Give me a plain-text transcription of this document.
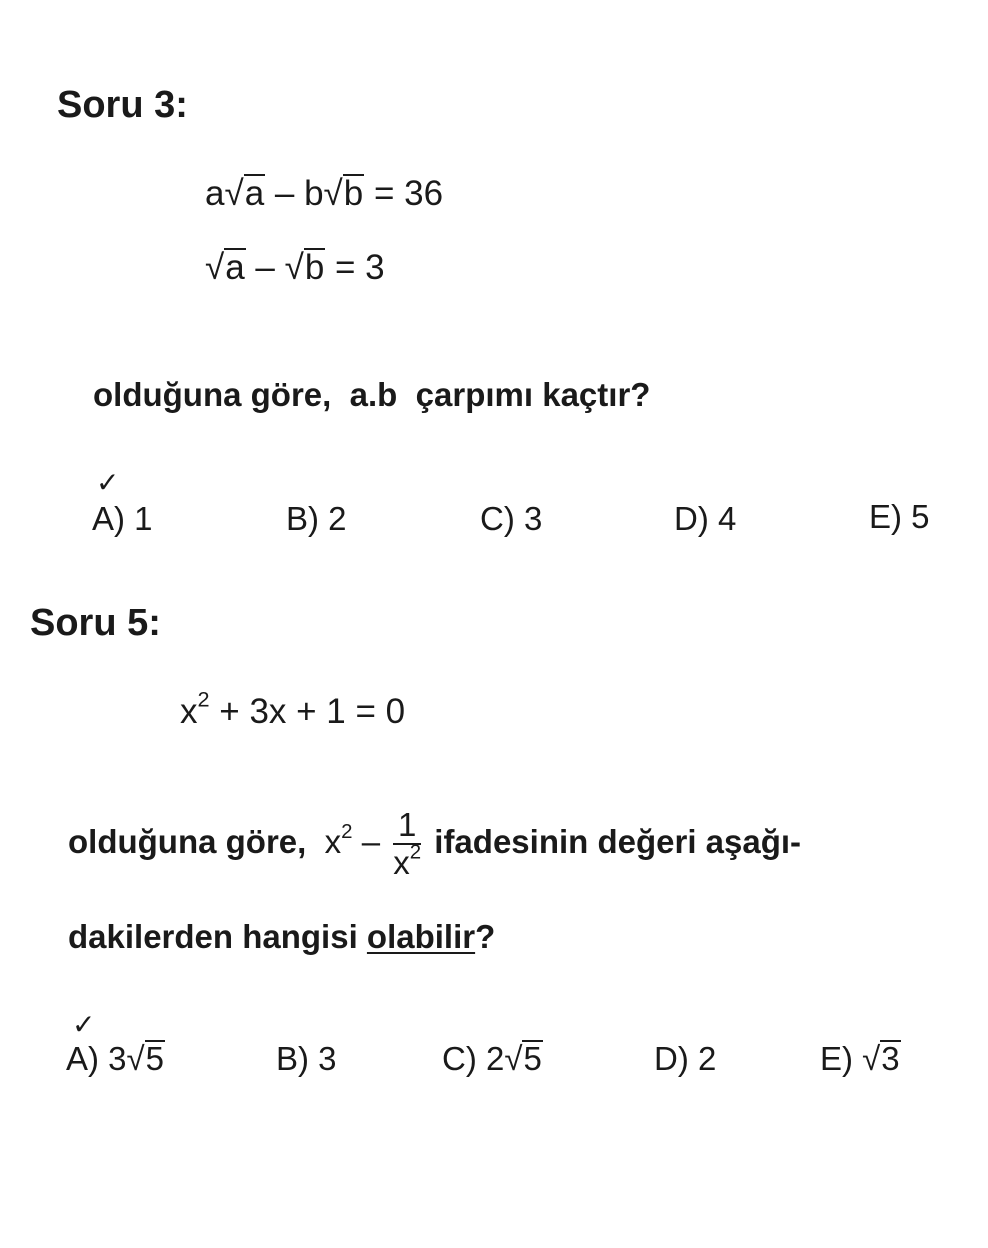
Soru 3:
a√a – b√b = 36
√a – √b = 3
olduğuna göre,  a.b  çarpımı kaçtır?
✓
A) 1	B) 2	C) 3	D) 4	E) 5
Soru 5:
$x^2 + 3x + 1 = 0$
olduğuna göre,  $x^2 - \frac{1}{x^2}$ ifadesinin değeri aşağı-
dakilerden hangisi olabilir?
✓
A) 3√5	B) 3	C) 2√5	D) 2	E) √3
